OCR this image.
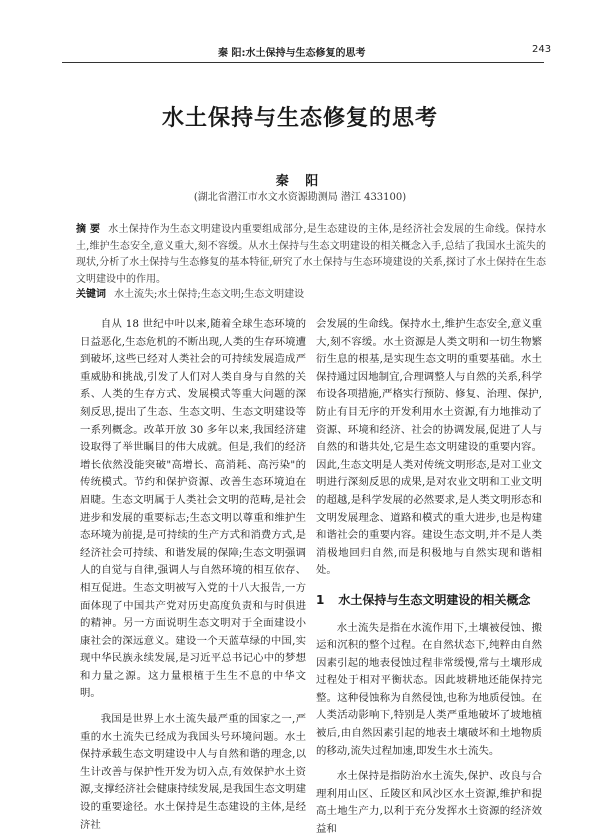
秦 阳:水土保持与生态修复的思考	243
水土保持与生态修复的思考
秦 阳
(湖北省潜江市水文水资源勘测局 潜江 433100)
摘 要 水土保持作为生态文明建设内重要组成部分,是生态建设的主体,是经济社会发展的生命线。保持水土,维护生态安全,意义重大,刻不容缓。从水土保持与生态文明建设的相关概念入手,总结了我国水土流失的现状,分析了水土保持与生态修复的基本特征,研究了水土保持与生态环境建设的关系,探讨了水土保持在生态文明建设中的作用。
关键词 水土流失;水土保持;生态文明;生态文明建设

自从 18 世纪中叶以来,随着全球生态环境的日益恶化,生态危机的不断出现,人类的生存环境遭到破坏,这些已经对人类社会的可持续发展造成严重威胁和挑战,引发了人们对人类自身与自然的关系、人类的生存方式、发展模式等重大问题的深刻反思,提出了生态、生态文明、生态文明建设等一系列概念。改革开放 30 多年以来,我国经济建设取得了举世瞩目的伟大成就。但是,我们的经济增长依然没能突破"高增长、高消耗、高污染"的传统模式。节约和保护资源、改善生态环境迫在眉睫。生态文明属于人类社会文明的范畴,是社会进步和发展的重要标志;生态文明以尊重和维护生态环境为前提,是可持续的生产方式和消费方式,是经济社会可持续、和谐发展的保障;生态文明强调人的自觉与自律,强调人与自然环境的相互依存、相互促进。生态文明被写入党的十八大报告,一方面体现了中国共产党对历史高度负责和与时俱进的精神。另一方面说明生态文明对于全面建设小康社会的深远意义。建设一个天蓝草绿的中国,实现中华民族永续发展,是习近平总书记心中的梦想和力量之源。这力量根植于生生不息的中华文明。

我国是世界上水土流失最严重的国家之一,严重的水土流失已经成为我国头号环境问题。水土保持承载生态文明建设中人与自然和谐的理念,以生计改善与保护性开发为切入点,有效保护水土资源,支撑经济社会健康持续发展,是我国生态文明建设的重要途径。水土保持是生态建设的主体,是经济社

会发展的生命线。保持水土,维护生态安全,意义重大,刻不容缓。水土资源是人类文明和一切生物繁衍生息的根基,是实现生态文明的重要基础。水土保持通过因地制宜,合理调整人与自然的关系,科学布设各项措施,严格实行预防、修复、治理、保护,防止有目无序的开发利用水土资源,有力地推动了资源、环境和经济、社会的协调发展,促进了人与自然的和谐共处,它是生态文明建设的重要内容。因此,生态文明是人类对传统文明形态,是对工业文明进行深刻反思的成果,是对农业文明和工业文明的超越,是科学发展的必然要求,是人类文明形态和文明发展理念、道路和模式的重大进步,也是构建和谐社会的重要内容。建设生态文明,并不是人类消极地回归自然,而是积极地与自然实现和谐相处。

1 水土保持与生态文明建设的相关概念

水土流失是指在水流作用下,土壤被侵蚀、搬运和沉积的整个过程。在自然状态下,纯粹由自然因素引起的地表侵蚀过程非常缓慢,常与土壤形成过程处于相对平衡状态。因此坡耕地还能保持完整。这种侵蚀称为自然侵蚀,也称为地质侵蚀。在人类活动影响下,特别是人类严重地破坏了坡地植被后,由自然因素引起的地表土壤破坏和土地物质的移动,流失过程加速,即发生水土流失。

水土保持是指防治水土流失,保护、改良与合理利用山区、丘陵区和风沙区水土资源,维护和提高土地生产力,以利于充分发挥水土资源的经济效益和
